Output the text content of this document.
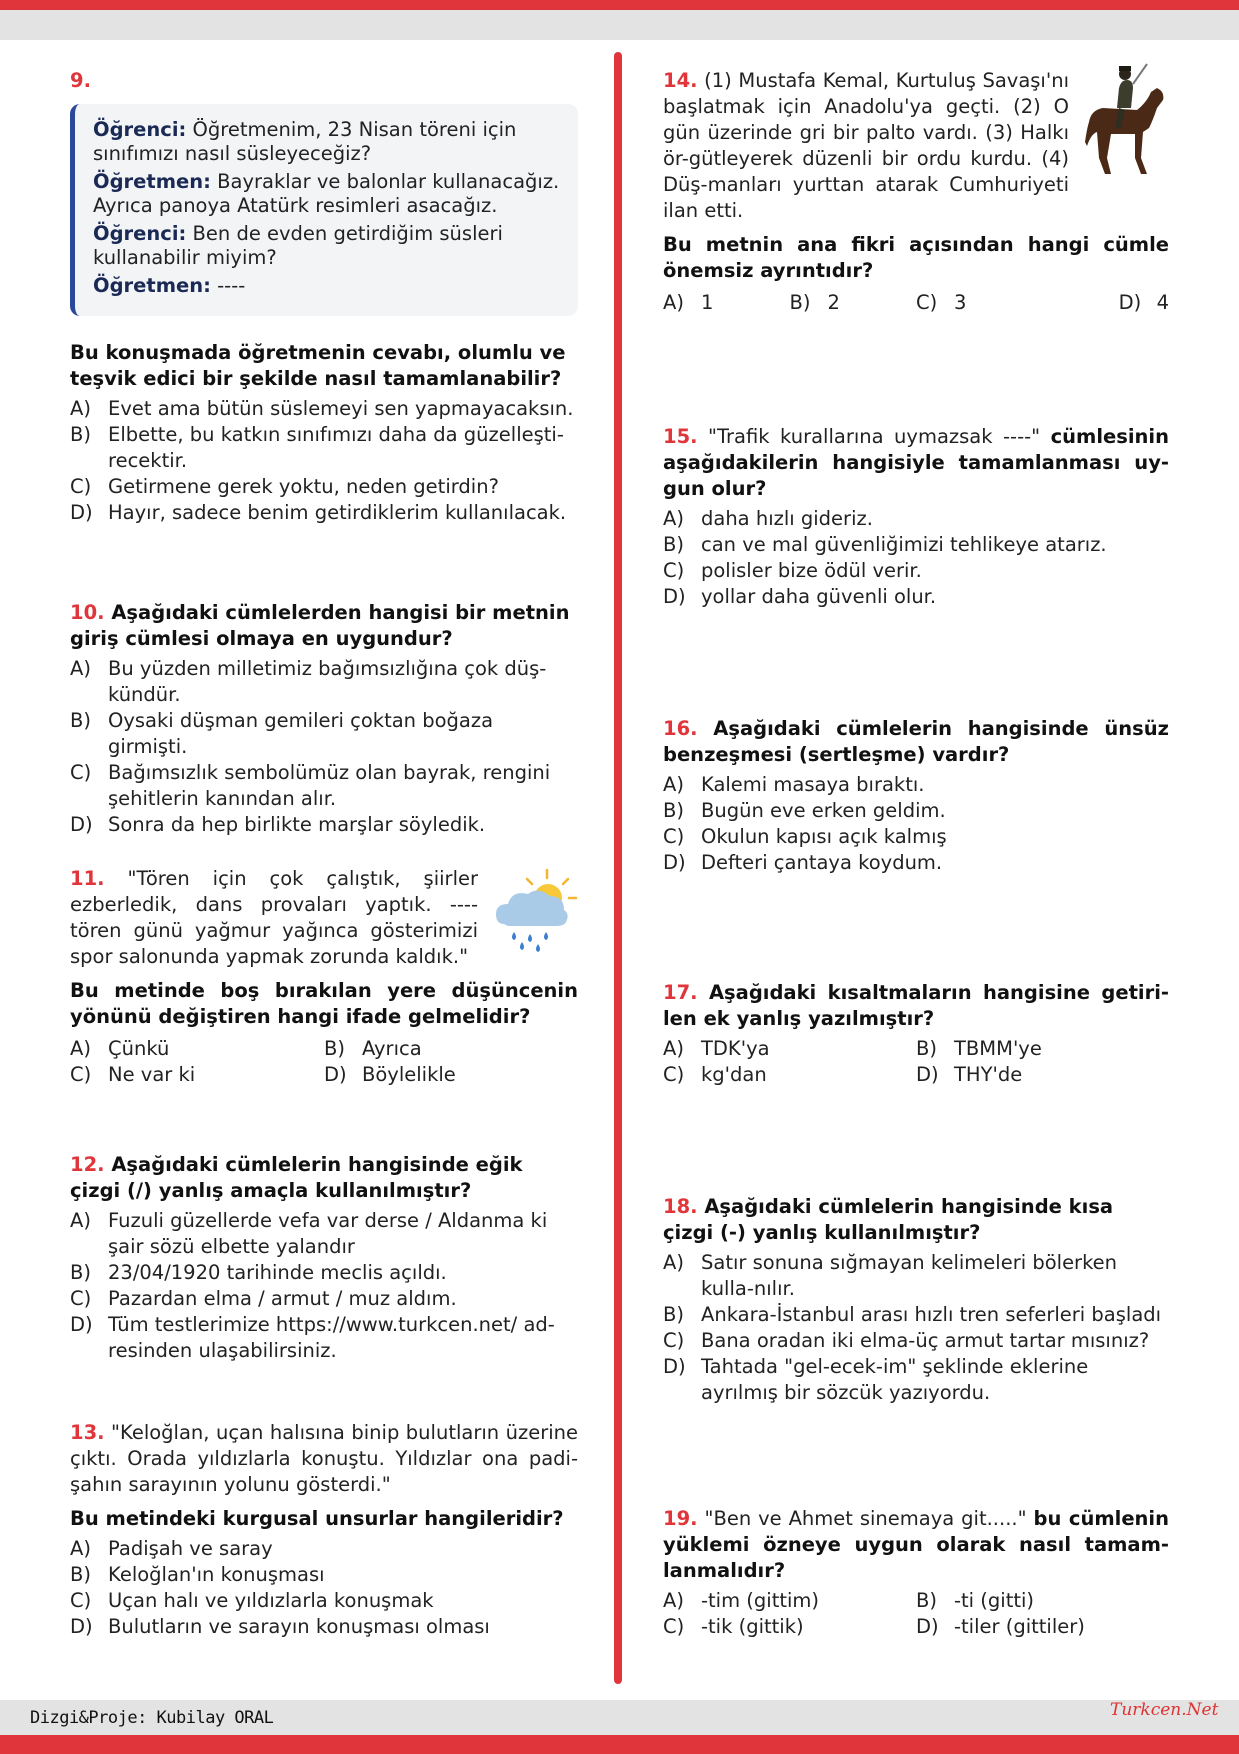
9.

Öğrenci: Öğretmenim, 23 Nisan töreni için sınıfımızı nasıl süsleyeceğiz?

Öğretmen: Bayraklar ve balonlar kullanacağız. Ayrıca panoya Atatürk resimleri asacağız.

Öğrenci: Ben de evden getirdiğim süsleri kullanabilir miyim?

Öğretmen: ----

Bu konuşmada öğretmenin cevabı, olumlu ve teşvik edici bir şekilde nasıl tamamlanabilir?
A) Evet ama bütün süslemeyi sen yapmayacaksın.
B) Elbette, bu katkın sınıfımızı daha da güzelleşti-recektir.
C) Getirmene gerek yoktu, neden getirdin?
D) Hayır, sadece benim getirdiklerim kullanılacak.
10. Aşağıdaki cümlelerden hangisi bir metnin giriş cümlesi olmaya en uygundur?
A) Bu yüzden milletimiz bağımsızlığına çok düş-kündür.
B) Oysaki düşman gemileri çoktan boğaza girmişti.
C) Bağımsızlık sembolümüz olan bayrak, rengini şehitlerin kanından alır.
D) Sonra da hep birlikte marşlar söyledik.
11. "Tören için çok çalıştık, şiirler ezberledik, dans provaları yaptık. ---- tören günü yağmur yağınca gösterimizi spor salonunda yapmak zorunda kaldık."
Bu metinde boş bırakılan yere düşüncenin yönünü değiştiren hangi ifade gelmelidir?
A) Çünkü	B) Ayrıca
C) Ne var ki	D) Böylelikle
12. Aşağıdaki cümlelerin hangisinde eğik çizgi (/) yanlış amaçla kullanılmıştır?
A) Fuzuli güzellerde vefa var derse / Aldanma ki şair sözü elbette yalandır
B) 23/04/1920 tarihinde meclis açıldı.
C) Pazardan elma / armut / muz aldım.
D) Tüm testlerimize https://www.turkcen.net/ ad-resinden ulaşabilirsiniz.
13. "Keloğlan, uçan halısına binip bulutların üzerine çıktı. Orada yıldızlarla konuştu. Yıldızlar ona padi-şahın sarayının yolunu gösterdi."
Bu metindeki kurgusal unsurlar hangileridir?
A) Padişah ve saray
B) Keloğlan'ın konuşması
C) Uçan halı ve yıldızlarla konuşmak
D) Bulutların ve sarayın konuşması olması
14. (1) Mustafa Kemal, Kurtuluş Savaşı'nı başlatmak için Anadolu'ya geçti. (2) O gün üzerinde gri bir palto vardı. (3) Halkı ör-gütleyerek düzenli bir ordu kurdu. (4) Düş-manları yurttan atarak Cumhuriyeti ilan etti.
Bu metnin ana fikri açısından hangi cümle önemsiz ayrıntıdır?
A) 1	B) 2	C) 3	D) 4
15. "Trafik kurallarına uymazsak ----" cümlesinin aşağıdakilerin hangisiyle tamamlanması uy-gun olur?
A) daha hızlı gideriz.
B) can ve mal güvenliğimizi tehlikeye atarız.
C) polisler bize ödül verir.
D) yollar daha güvenli olur.
16. Aşağıdaki cümlelerin hangisinde ünsüz benzeşmesi (sertleşme) vardır?
A) Kalemi masaya bıraktı.
B) Bugün eve erken geldim.
C) Okulun kapısı açık kalmış
D) Defteri çantaya koydum.
17. Aşağıdaki kısaltmaların hangisine getiri-len ek yanlış yazılmıştır?
A) TDK'ya	B) TBMM'ye
C) kg'dan	D) THY'de
18. Aşağıdaki cümlelerin hangisinde kısa çizgi (-) yanlış kullanılmıştır?
A) Satır sonuna sığmayan kelimeleri bölerken kulla-nılır.
B) Ankara-İstanbul arası hızlı tren seferleri başladı
C) Bana oradan iki elma-üç armut tartar mısınız?
D) Tahtada "gel-ecek-im" şeklinde eklerine ayrılmış bir sözcük yazıyordu.
19. "Ben ve Ahmet sinemaya git....." bu cümlenin yüklemi özneye uygun olarak nasıl tamam-lanmalıdır?
A) -tim (gittim)	B) -ti (gitti)
C) -tik (gittik)	D) -tiler (gittiler)
Dizgi&Proje: Kubilay ORAL	Turkcen.Net
